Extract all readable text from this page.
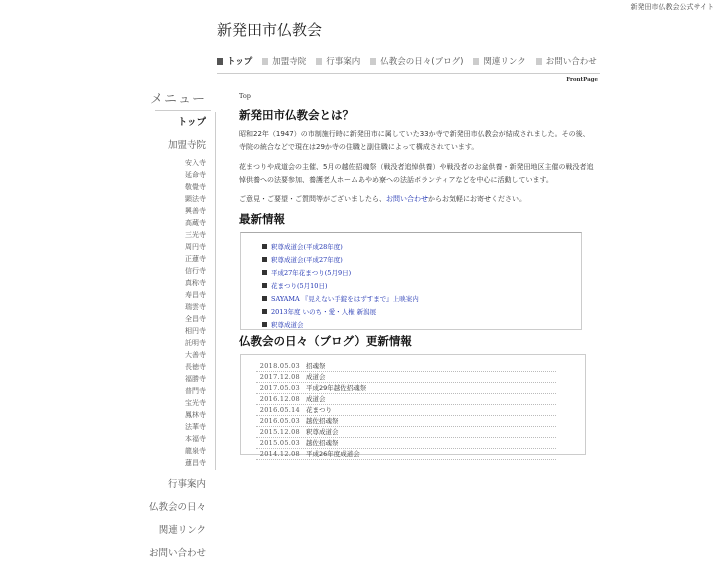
新発田市仏教会公式サイト
新発田市仏教会
トップ 加盟寺院 行事案内 仏教会の日々(ブログ) 関連リンク お問い合わせ
メニュー
トップ
加盟寺院
安入寺
延命寺
敬覺寺
顕法寺
興善寺
高蔵寺
三光寺
周円寺
正蓮寺
信行寺
真称寺
寿昌寺
瑞雲寺
全昌寺
相円寺
託明寺
大善寺
長徳寺
福勝寺
普門寺
宝光寺
鳳林寺
法華寺
本福寺
龍泉寺
蓮昌寺
行事案内
仏教会の日々
関連リンク
お問い合わせ
FrontPage
Top
新発田市仏教会とは？

昭和22年（1947）の市制施行時に新発田市に属していた33か寺で新発田市仏教会が結成されました。その後、寺院の統合などで現在は29か寺の住職と副住職によって構成されています。

花まつりや成道会の主催、5月の越佐招魂祭（戦没者追悼供養）や戦没者のお盆供養・新発田地区主催の戦没者追悼供養への法要参加、養護老人ホームあやめ寮への法話ボランティアなどを中心に活動しています。

ご意見・ご要望・ご質問等がございましたら、お問い合わせからお気軽にお寄せください。

最新情報
釈尊成道会(平成28年度)
釈尊成道会(平成27年度)
平成27年花まつり(5月9日)
花まつり(5月10日)
SAYAMA 『見えない手錠をはずすまで』上映案内
2013年度 いのち・愛・人権 新潟展
釈尊成道会
仏教会の日々（ブログ）更新情報
2018.05.03 招魂祭
2017.12.08 成道会
2017.05.03 平成29年越佐招魂祭
2016.12.08 成道会
2016.05.14 花まつり
2016.05.03 越佐招魂祭
2015.12.08 釈尊成道会
2015.05.03 越佐招魂祭
2014.12.08 平成26年度成道会
